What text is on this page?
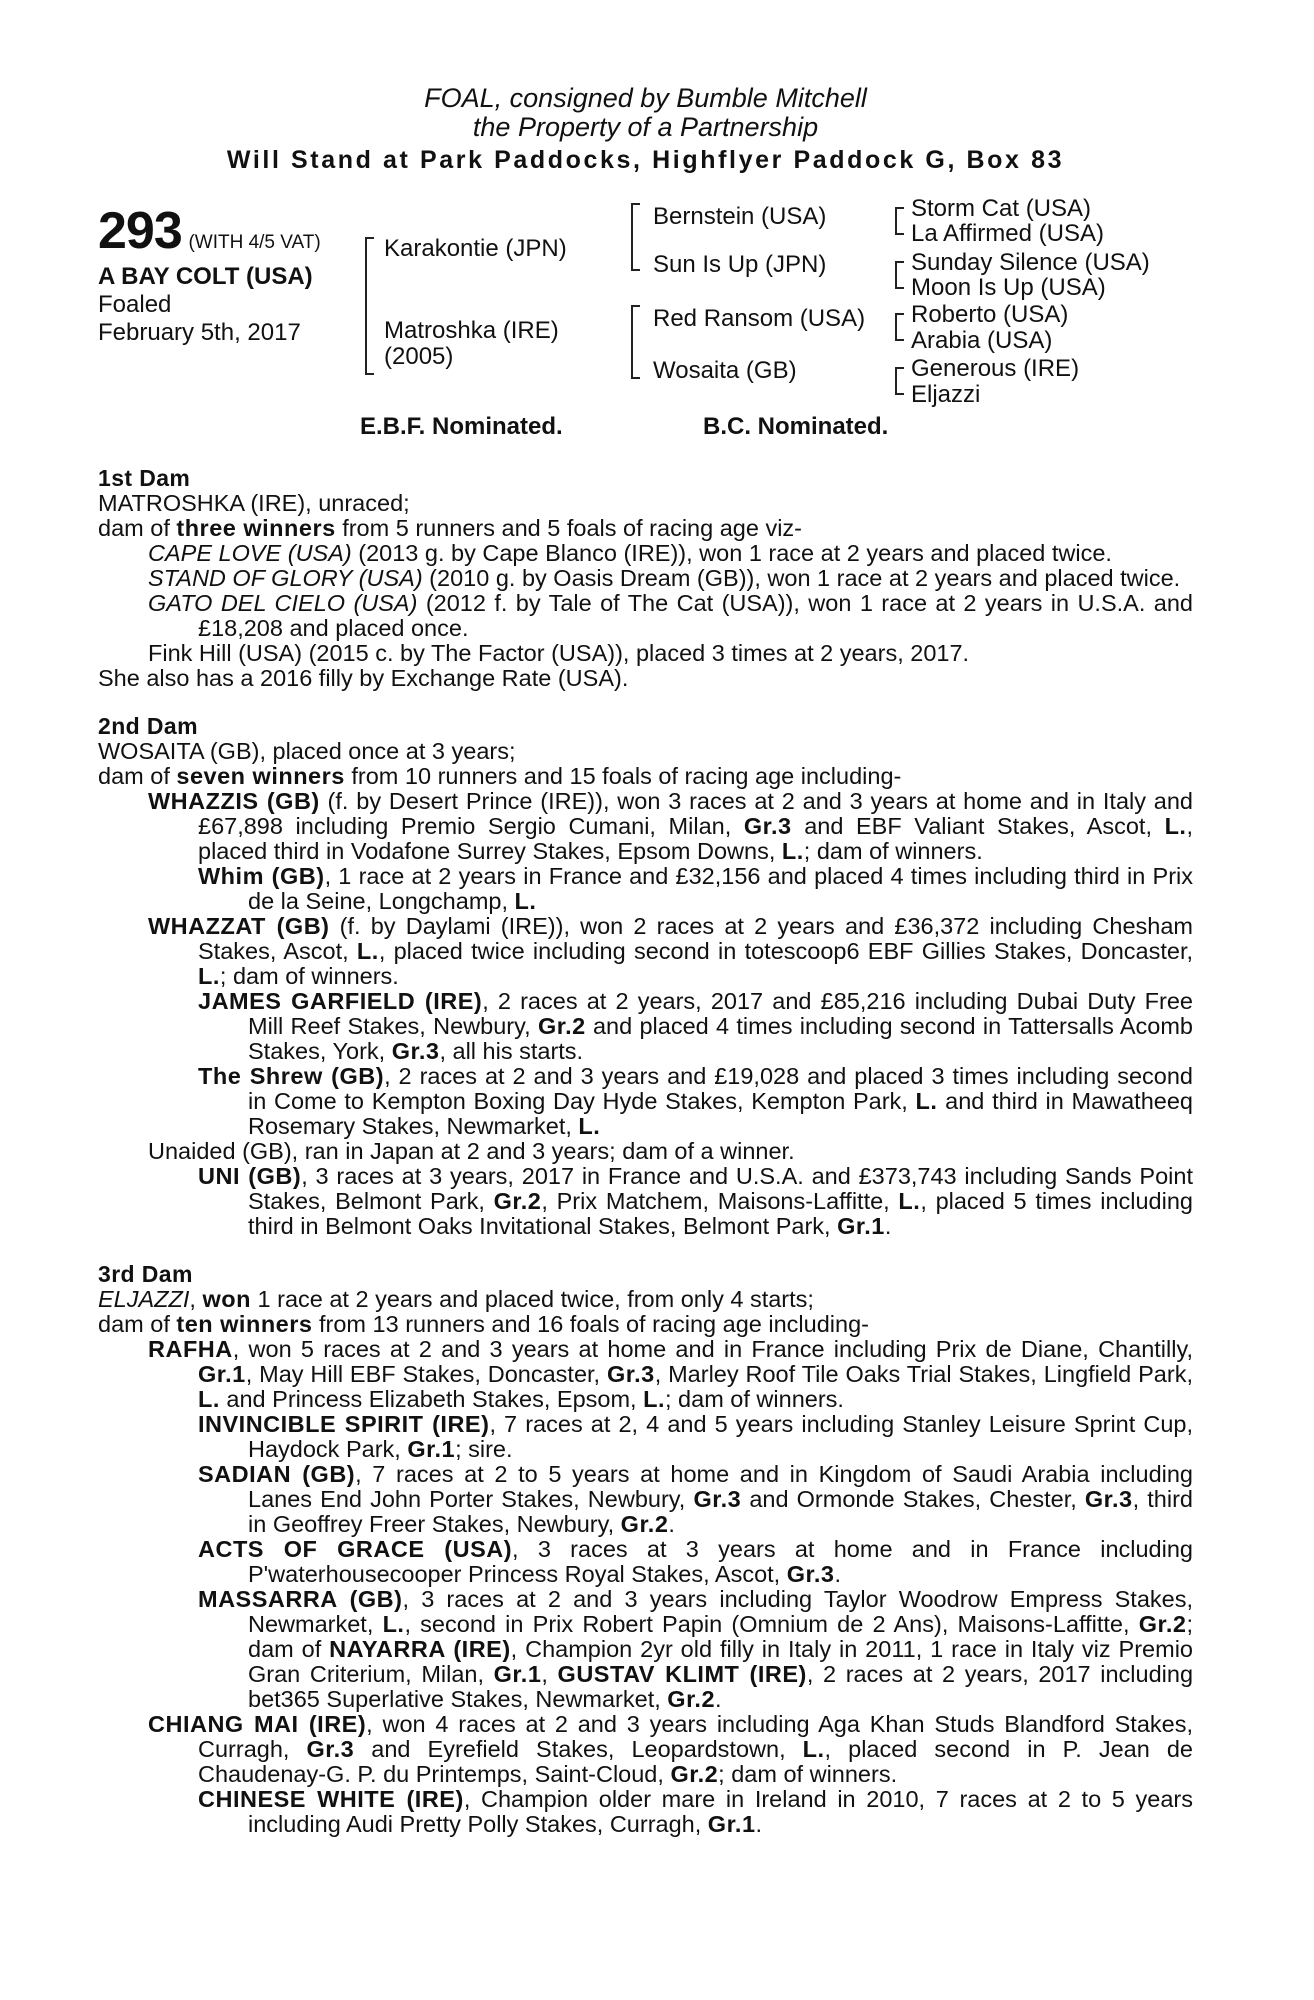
FOAL, consigned by Bumble Mitchell
the Property of a Partnership
Will Stand at Park Paddocks, Highflyer Paddock G, Box 83
293 (WITH 4/5 VAT)
A BAY COLT (USA)
Foaled
February 5th, 2017
Karakontie (JPN)
Matroshka (IRE)
(2005)
Bernstein (USA)
Sun Is Up (JPN)
Red Ransom (USA)
Wosaita (GB)
Storm Cat (USA)
La Affirmed (USA)
Sunday Silence (USA)
Moon Is Up (USA)
Roberto (USA)
Arabia (USA)
Generous (IRE)
Eljazzi
E.B.F. Nominated.	B.C. Nominated.
1st Dam
MATROSHKA (IRE), unraced;
dam of three winners from 5 runners and 5 foals of racing age viz-
CAPE LOVE (USA) (2013 g. by Cape Blanco (IRE)), won 1 race at 2 years and placed twice.
STAND OF GLORY (USA) (2010 g. by Oasis Dream (GB)), won 1 race at 2 years and placed twice.
GATO DEL CIELO (USA) (2012 f. by Tale of The Cat (USA)), won 1 race at 2 years in U.S.A. and £18,208 and placed once.
Fink Hill (USA) (2015 c. by The Factor (USA)), placed 3 times at 2 years, 2017.
She also has a 2016 filly by Exchange Rate (USA).
2nd Dam
WOSAITA (GB), placed once at 3 years;
dam of seven winners from 10 runners and 15 foals of racing age including-
WHAZZIS (GB) (f. by Desert Prince (IRE)), won 3 races at 2 and 3 years at home and in Italy and £67,898 including Premio Sergio Cumani, Milan, Gr.3 and EBF Valiant Stakes, Ascot, L., placed third in Vodafone Surrey Stakes, Epsom Downs, L.; dam of winners.
Whim (GB), 1 race at 2 years in France and £32,156 and placed 4 times including third in Prix de la Seine, Longchamp, L.
WHAZZAT (GB) (f. by Daylami (IRE)), won 2 races at 2 years and £36,372 including Chesham Stakes, Ascot, L., placed twice including second in totescoop6 EBF Gillies Stakes, Doncaster, L.; dam of winners.
JAMES GARFIELD (IRE), 2 races at 2 years, 2017 and £85,216 including Dubai Duty Free Mill Reef Stakes, Newbury, Gr.2 and placed 4 times including second in Tattersalls Acomb Stakes, York, Gr.3, all his starts.
The Shrew (GB), 2 races at 2 and 3 years and £19,028 and placed 3 times including second in Come to Kempton Boxing Day Hyde Stakes, Kempton Park, L. and third in Mawatheeq Rosemary Stakes, Newmarket, L.
Unaided (GB), ran in Japan at 2 and 3 years; dam of a winner.
UNI (GB), 3 races at 3 years, 2017 in France and U.S.A. and £373,743 including Sands Point Stakes, Belmont Park, Gr.2, Prix Matchem, Maisons-Laffitte, L., placed 5 times including third in Belmont Oaks Invitational Stakes, Belmont Park, Gr.1.
3rd Dam
ELJAZZI, won 1 race at 2 years and placed twice, from only 4 starts;
dam of ten winners from 13 runners and 16 foals of racing age including-
RAFHA, won 5 races at 2 and 3 years at home and in France including Prix de Diane, Chantilly, Gr.1, May Hill EBF Stakes, Doncaster, Gr.3, Marley Roof Tile Oaks Trial Stakes, Lingfield Park, L. and Princess Elizabeth Stakes, Epsom, L.; dam of winners.
INVINCIBLE SPIRIT (IRE), 7 races at 2, 4 and 5 years including Stanley Leisure Sprint Cup, Haydock Park, Gr.1; sire.
SADIAN (GB), 7 races at 2 to 5 years at home and in Kingdom of Saudi Arabia including Lanes End John Porter Stakes, Newbury, Gr.3 and Ormonde Stakes, Chester, Gr.3, third in Geoffrey Freer Stakes, Newbury, Gr.2.
ACTS OF GRACE (USA), 3 races at 3 years at home and in France including P'waterhousecooper Princess Royal Stakes, Ascot, Gr.3.
MASSARRA (GB), 3 races at 2 and 3 years including Taylor Woodrow Empress Stakes, Newmarket, L., second in Prix Robert Papin (Omnium de 2 Ans), Maisons-Laffitte, Gr.2; dam of NAYARRA (IRE), Champion 2yr old filly in Italy in 2011, 1 race in Italy viz Premio Gran Criterium, Milan, Gr.1, GUSTAV KLIMT (IRE), 2 races at 2 years, 2017 including bet365 Superlative Stakes, Newmarket, Gr.2.
CHIANG MAI (IRE), won 4 races at 2 and 3 years including Aga Khan Studs Blandford Stakes, Curragh, Gr.3 and Eyrefield Stakes, Leopardstown, L., placed second in P. Jean de Chaudenay-G. P. du Printemps, Saint-Cloud, Gr.2; dam of winners.
CHINESE WHITE (IRE), Champion older mare in Ireland in 2010, 7 races at 2 to 5 years including Audi Pretty Polly Stakes, Curragh, Gr.1.
